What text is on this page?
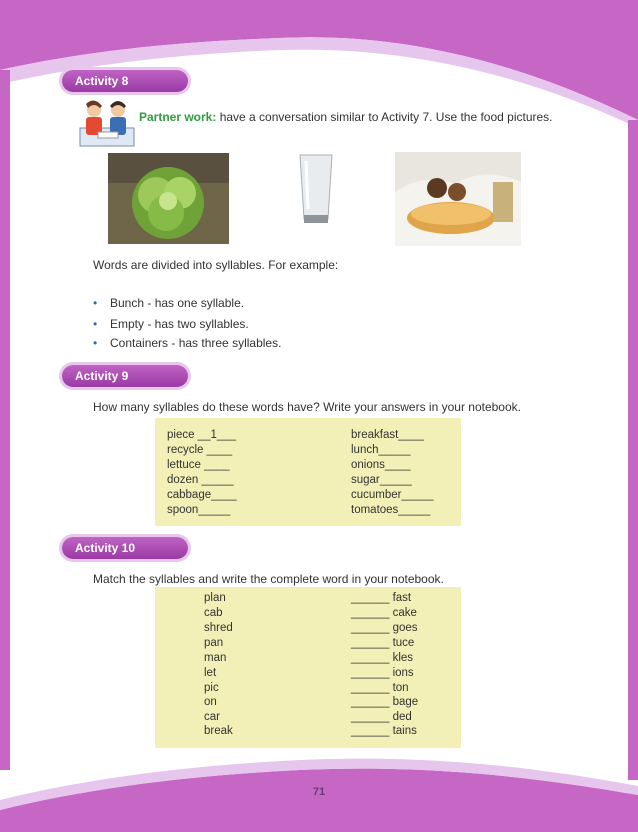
Activity 8
Partner work: have a conversation similar to Activity 7. Use the food pictures.
Words are divided into syllables. For example:
• Bunch - has one syllable.
• Empty - has two syllables.
• Containers - has three syllables.
Activity 9
How many syllables do these words have? Write your answers in your notebook.
piece __1___
recycle ____
lettuce ____
dozen _____
cabbage____
spoon_____
breakfast____
lunch_____
onions____
sugar_____
cucumber_____
tomatoes_____
Activity 10
Match the syllables and write the complete word in your notebook.
plan
cab
shred
pan
man
let
pic
on
car
break
______ fast
______ cake
______ goes
______ tuce
______ kles
______ ions
______ ton
______ bage
______ ded
______ tains
71
